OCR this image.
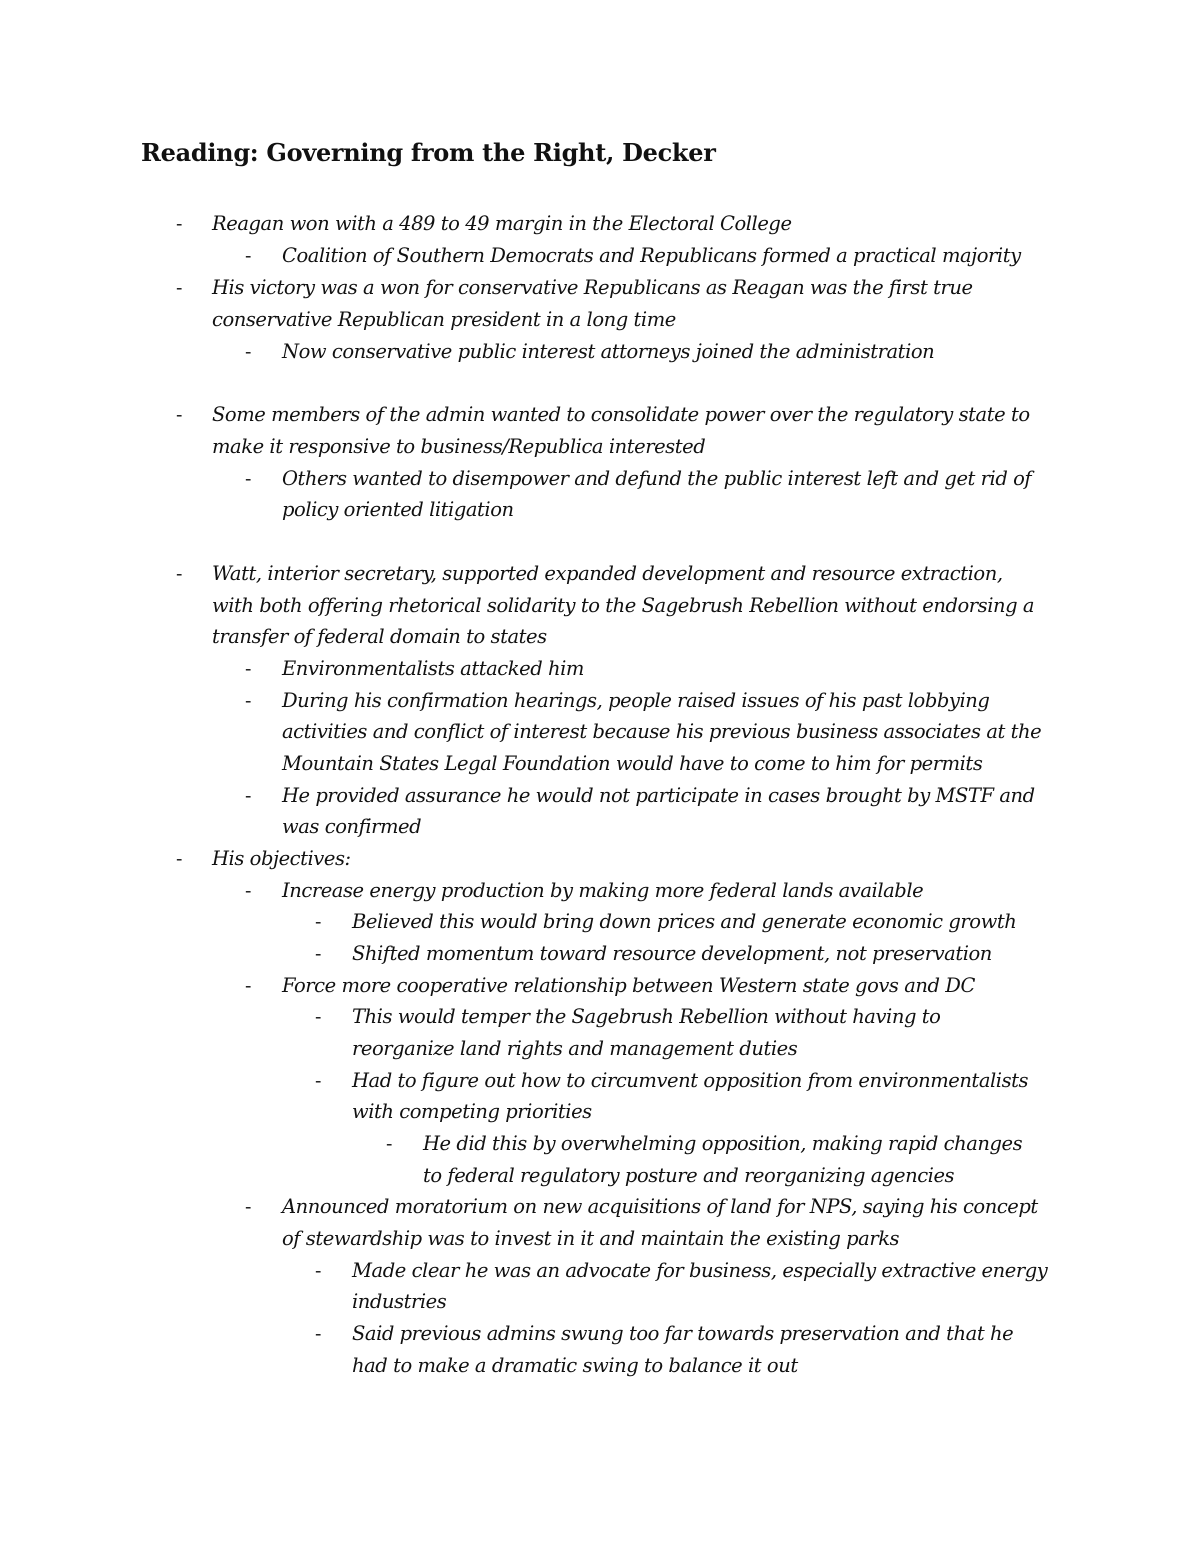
Reading: Governing from the Right, Decker
- Reagan won with a 489 to 49 margin in the Electoral College
- Coalition of Southern Democrats and Republicans formed a practical majority
- His victory was a won for conservative Republicans as Reagan was the first true
conservative Republican president in a long time
- Now conservative public interest attorneys joined the administration
- Some members of the admin wanted to consolidate power over the regulatory state to
make it responsive to business/Republica interested
- Others wanted to disempower and defund the public interest left and get rid of
policy oriented litigation
- Watt, interior secretary, supported expanded development and resource extraction,
with both offering rhetorical solidarity to the Sagebrush Rebellion without endorsing a
transfer of federal domain to states
- Environmentalists attacked him
- During his confirmation hearings, people raised issues of his past lobbying
activities and conflict of interest because his previous business associates at the
Mountain States Legal Foundation would have to come to him for permits
- He provided assurance he would not participate in cases brought by MSTF and
was confirmed
- His objectives:
- Increase energy production by making more federal lands available
- Believed this would bring down prices and generate economic growth
- Shifted momentum toward resource development, not preservation
- Force more cooperative relationship between Western state govs and DC
- This would temper the Sagebrush Rebellion without having to
reorganize land rights and management duties
- Had to figure out how to circumvent opposition from environmentalists
with competing priorities
- He did this by overwhelming opposition, making rapid changes
to federal regulatory posture and reorganizing agencies
- Announced moratorium on new acquisitions of land for NPS, saying his concept
of stewardship was to invest in it and maintain the existing parks
- Made clear he was an advocate for business, especially extractive energy
industries
- Said previous admins swung too far towards preservation and that he
had to make a dramatic swing to balance it out
